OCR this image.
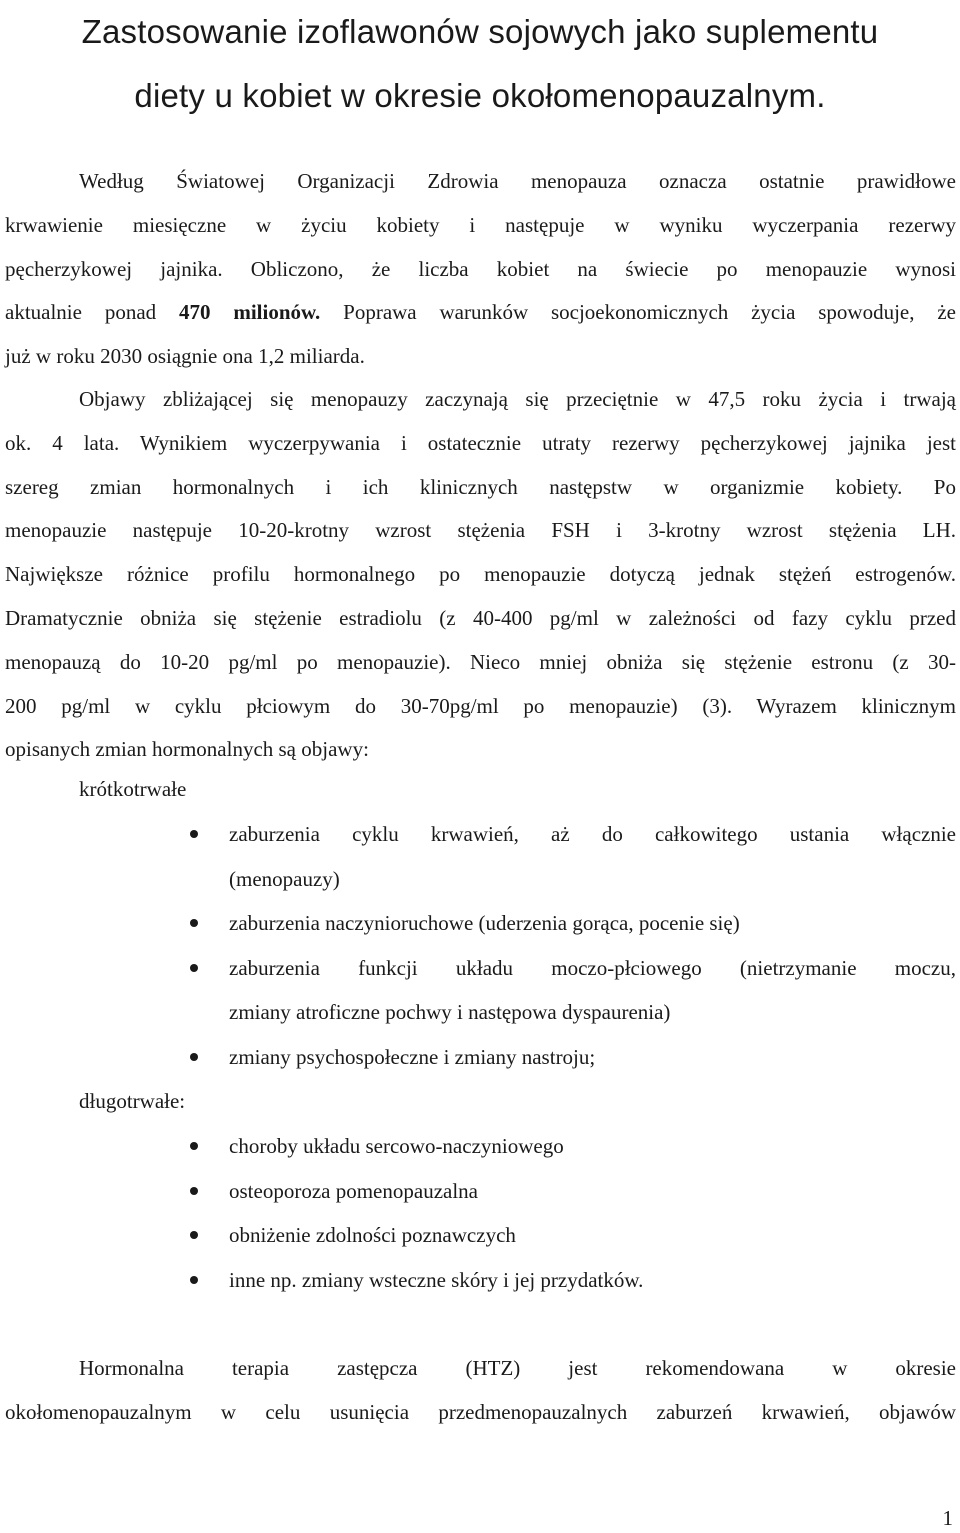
Zastosowanie izoflawonów sojowych jako suplementu
diety u kobiet w okresie okołomenopauzalnym.
Według Światowej Organizacji Zdrowia menopauza oznacza ostatnie prawidłowe
krwawienie miesięczne w życiu kobiety i następuje w wyniku wyczerpania rezerwy
pęcherzykowej jajnika. Obliczono, że liczba kobiet na świecie po menopauzie wynosi
aktualnie ponad 470 milionów. Poprawa warunków socjoekonomicznych życia spowoduje, że
już w roku 2030 osiągnie ona 1,2 miliarda.
Objawy zbliżającej się menopauzy zaczynają się przeciętnie w 47,5 roku życia i trwają
ok. 4 lata. Wynikiem wyczerpywania i ostatecznie utraty rezerwy pęcherzykowej jajnika jest
szereg zmian hormonalnych i ich klinicznych następstw w organizmie kobiety. Po
menopauzie następuje 10-20-krotny wzrost stężenia FSH i 3-krotny wzrost stężenia LH.
Największe różnice profilu hormonalnego po menopauzie dotyczą jednak stężeń estrogenów.
Dramatycznie obniża się stężenie estradiolu (z 40-400 pg/ml w zależności od fazy cyklu przed
menopauzą do 10-20 pg/ml po menopauzie). Nieco mniej obniża się stężenie estronu (z 30-
200 pg/ml w cyklu płciowym do 30-70pg/ml po menopauzie) (3). Wyrazem klinicznym
opisanych zmian hormonalnych są objawy:
krótkotrwałe
zaburzenia cyklu krwawień, aż do całkowitego ustania włącznie
(menopauzy)
zaburzenia naczynioruchowe (uderzenia gorąca, pocenie się)
zaburzenia funkcji układu moczo-płciowego (nietrzymanie moczu,
zmiany atroficzne pochwy i następowa dyspaurenia)
zmiany psychospołeczne i zmiany nastroju;
długotrwałe:
choroby układu sercowo-naczyniowego
osteoporoza pomenopauzalna
obniżenie zdolności poznawczych
inne np. zmiany wsteczne skóry i jej przydatków.
Hormonalna terapia zastępcza (HTZ) jest rekomendowana w okresie
okołomenopauzalnym w celu usunięcia przedmenopauzalnych zaburzeń krwawień, objawów
1
